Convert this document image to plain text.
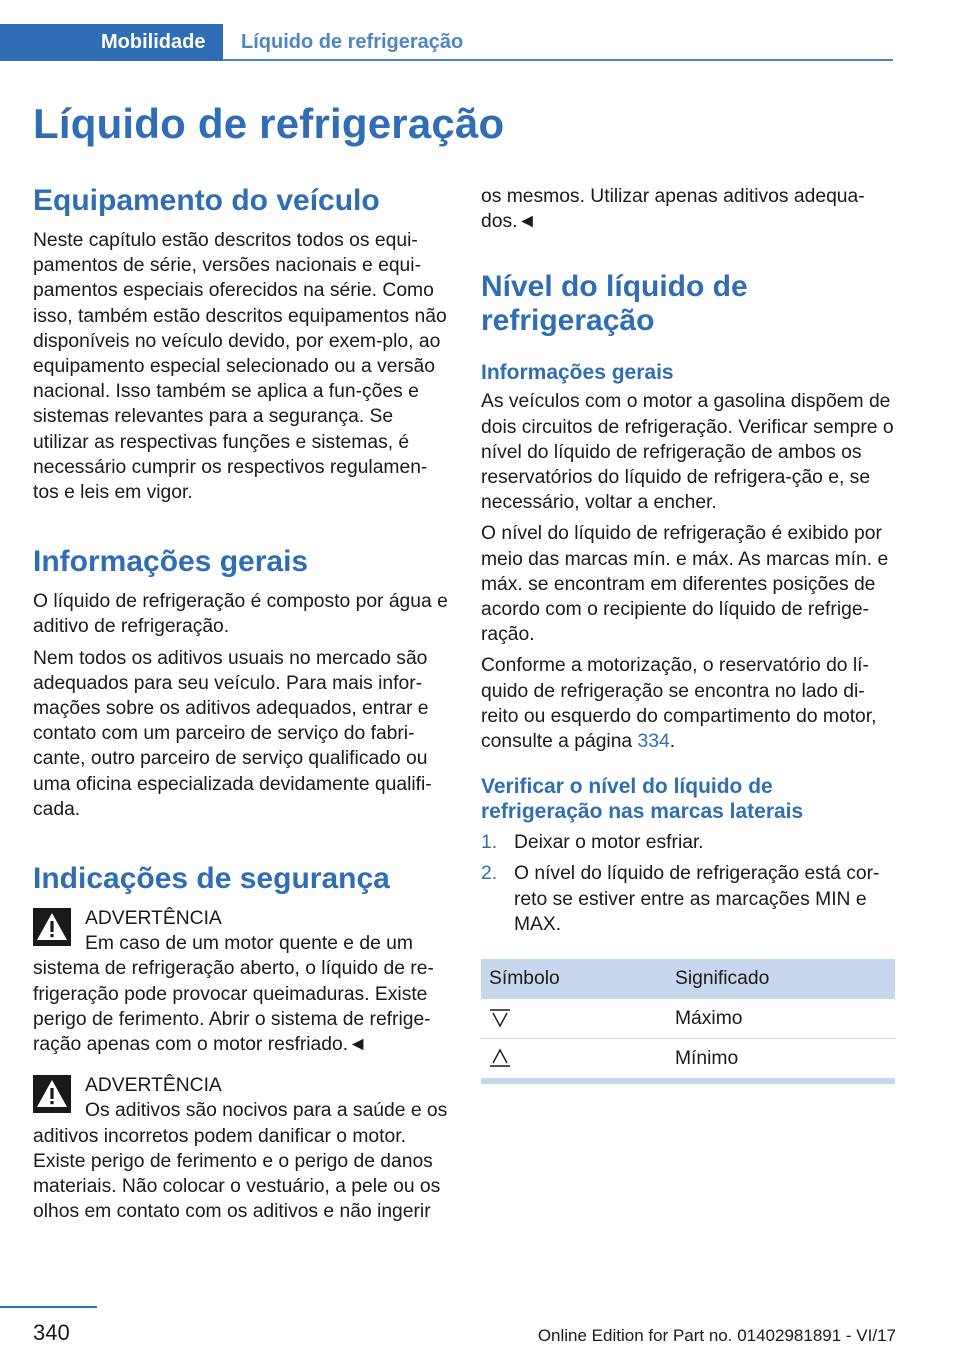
Mobilidade	Líquido de refrigeração
Líquido de refrigeração
Equipamento do veículo

Neste capítulo estão descritos todos os equi-pamentos de série, versões nacionais e equi-pamentos especiais oferecidos na série. Como isso, também estão descritos equipamentos não disponíveis no veículo devido, por exem-plo, ao equipamento especial selecionado ou a versão nacional. Isso também se aplica a fun-ções e sistemas relevantes para a segurança. Se utilizar as respectivas funções e sistemas, é necessário cumprir os respectivos regulamen-tos e leis em vigor.

Informações gerais

O líquido de refrigeração é composto por água e aditivo de refrigeração.

Nem todos os aditivos usuais no mercado são adequados para seu veículo. Para mais infor-mações sobre os aditivos adequados, entrar e contato com um parceiro de serviço do fabri-cante, outro parceiro de serviço qualificado ou uma oficina especializada devidamente qualifi-cada.

Indicações de segurança
ADVERTÊNCIA

Em caso de um motor quente e de um sistema de refrigeração aberto, o líquido de re-frigeração pode provocar queimaduras. Existe perigo de ferimento. Abrir o sistema de refrige-ração apenas com o motor resfriado.◄

ADVERTÊNCIA

Os aditivos são nocivos para a saúde e os aditivos incorretos podem danificar o motor. Existe perigo de ferimento e o perigo de danos materiais. Não colocar o vestuário, a pele ou os olhos em contato com os aditivos e não ingerir

os mesmos. Utilizar apenas aditivos adequa-dos.◄

Nível do líquido de refrigeração
Informações gerais

As veículos com o motor a gasolina dispõem de dois circuitos de refrigeração. Verificar sempre o nível do líquido de refrigeração de ambos os reservatórios do líquido de refrigera-ção e, se necessário, voltar a encher.

O nível do líquido de refrigeração é exibido por meio das marcas mín. e máx. As marcas mín. e máx. se encontram em diferentes posições de acordo com o recipiente do líquido de refrige-ração.

Conforme a motorização, o reservatório do lí-quido de refrigeração se encontra no lado di-reito ou esquerdo do compartimento do motor, consulte a página 334.

Verificar o nível do líquido de refrigeração nas marcas laterais
1. Deixar o motor esfriar.
2. O nível do líquido de refrigeração está cor-reto se estiver entre as marcações MIN e MAX.
Símbolo	Significado
	Máximo
	Mínimo
340	Online Edition for Part no. 01402981891 - VI/17
